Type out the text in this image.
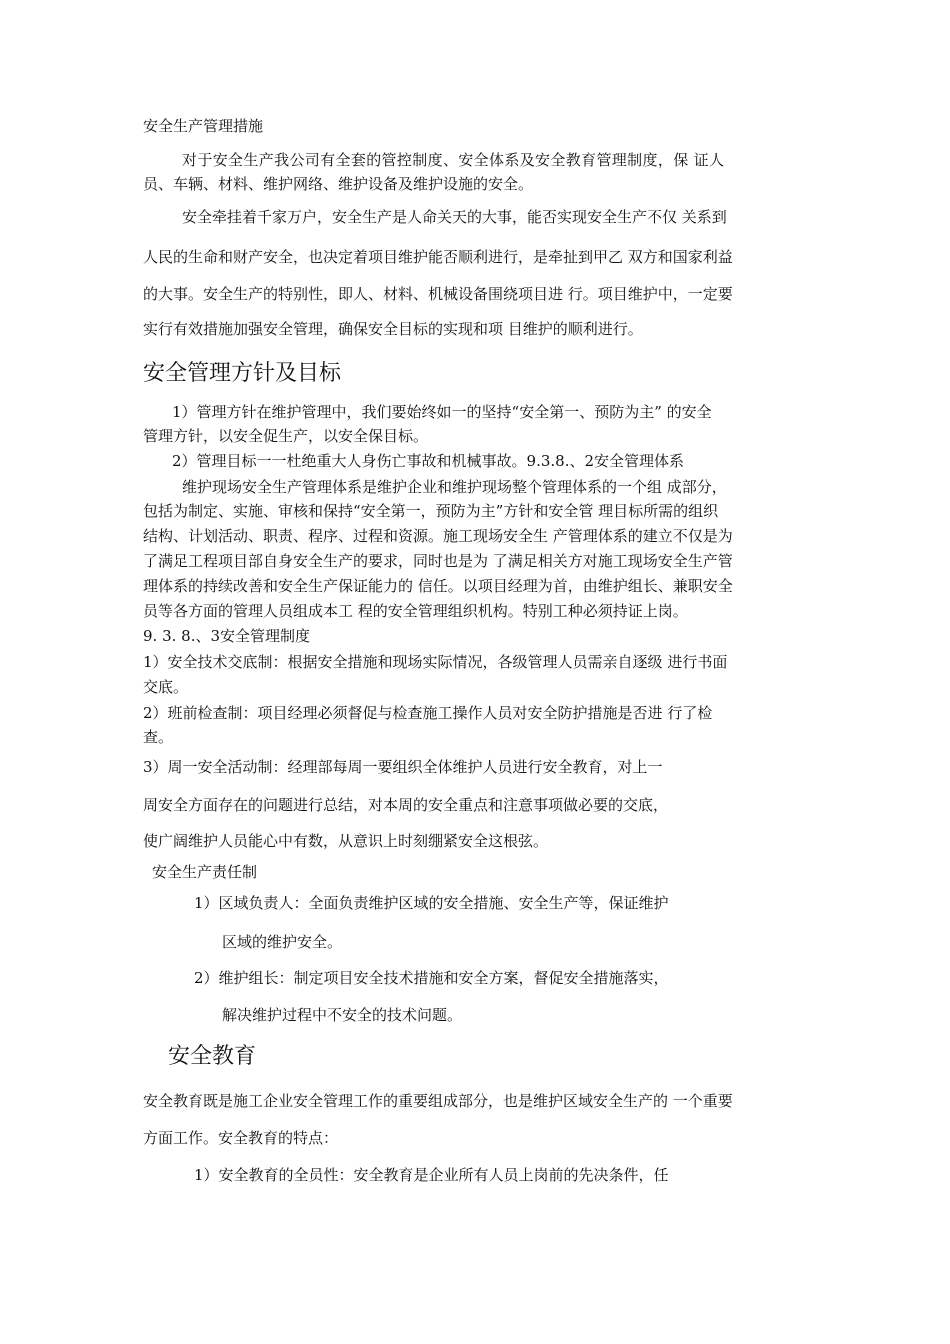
安全生产管理措施
对于安全生产我公司有全套的管控制度、安全体系及安全教育管理制度，保 证人
员、车辆、材料、维护网络、维护设备及维护设施的安全。
安全牵挂着千家万户，安全生产是人命关天的大事，能否实现安全生产不仅 关系到
人民的生命和财产安全，也决定着项目维护能否顺利进行，是牵扯到甲乙 双方和国家利益
的大事。安全生产的特别性，即人、材料、机械设备围绕项目进 行。项目维护中，一定要
实行有效措施加强安全管理，确保安全目标的实现和项 目维护的顺利进行。
安全管理方针及目标
1）管理方针在维护管理中，我们要始终如一的坚持“安全第一、预防为主” 的安全
管理方针，以安全促生产，以安全保目标。
2）管理目标一一杜绝重大人身伤亡事故和机械事故。9.3.8.、2安全管理体系
维护现场安全生产管理体系是维护企业和维护现场整个管理体系的一个组 成部分，
包括为制定、实施、审核和保持“安全第一，预防为主”方针和安全管 理目标所需的组织
结构、计划活动、职责、程序、过程和资源。施工现场安全生 产管理体系的建立不仅是为
了满足工程项目部自身安全生产的要求，同时也是为 了满足相关方对施工现场安全生产管
理体系的持续改善和安全生产保证能力的 信任。以项目经理为首，由维护组长、兼职安全
员等各方面的管理人员组成本工 程的安全管理组织机构。特别工种必须持证上岗。
9. 3. 8.、3安全管理制度
1）安全技术交底制：根据安全措施和现场实际情况，各级管理人员需亲自逐级 进行书面
交底。
2）班前检查制：项目经理必须督促与检查施工操作人员对安全防护措施是否进 行了检
查。
3）周一安全活动制：经理部每周一要组织全体维护人员进行安全教育，对上一
周安全方面存在的问题进行总结，对本周的安全重点和注意事项做必要的交底，
使广阔维护人员能心中有数，从意识上时刻绷紧安全这根弦。
安全生产责任制
1）区域负责人：全面负责维护区域的安全措施、安全生产等，保证维护
区域的维护安全。
2）维护组长：制定项目安全技术措施和安全方案，督促安全措施落实，
解决维护过程中不安全的技术问题。
安全教育
安全教育既是施工企业安全管理工作的重要组成部分，也是维护区域安全生产的 一个重要
方面工作。安全教育的特点：
1）安全教育的全员性：安全教育是企业所有人员上岗前的先决条件，任
